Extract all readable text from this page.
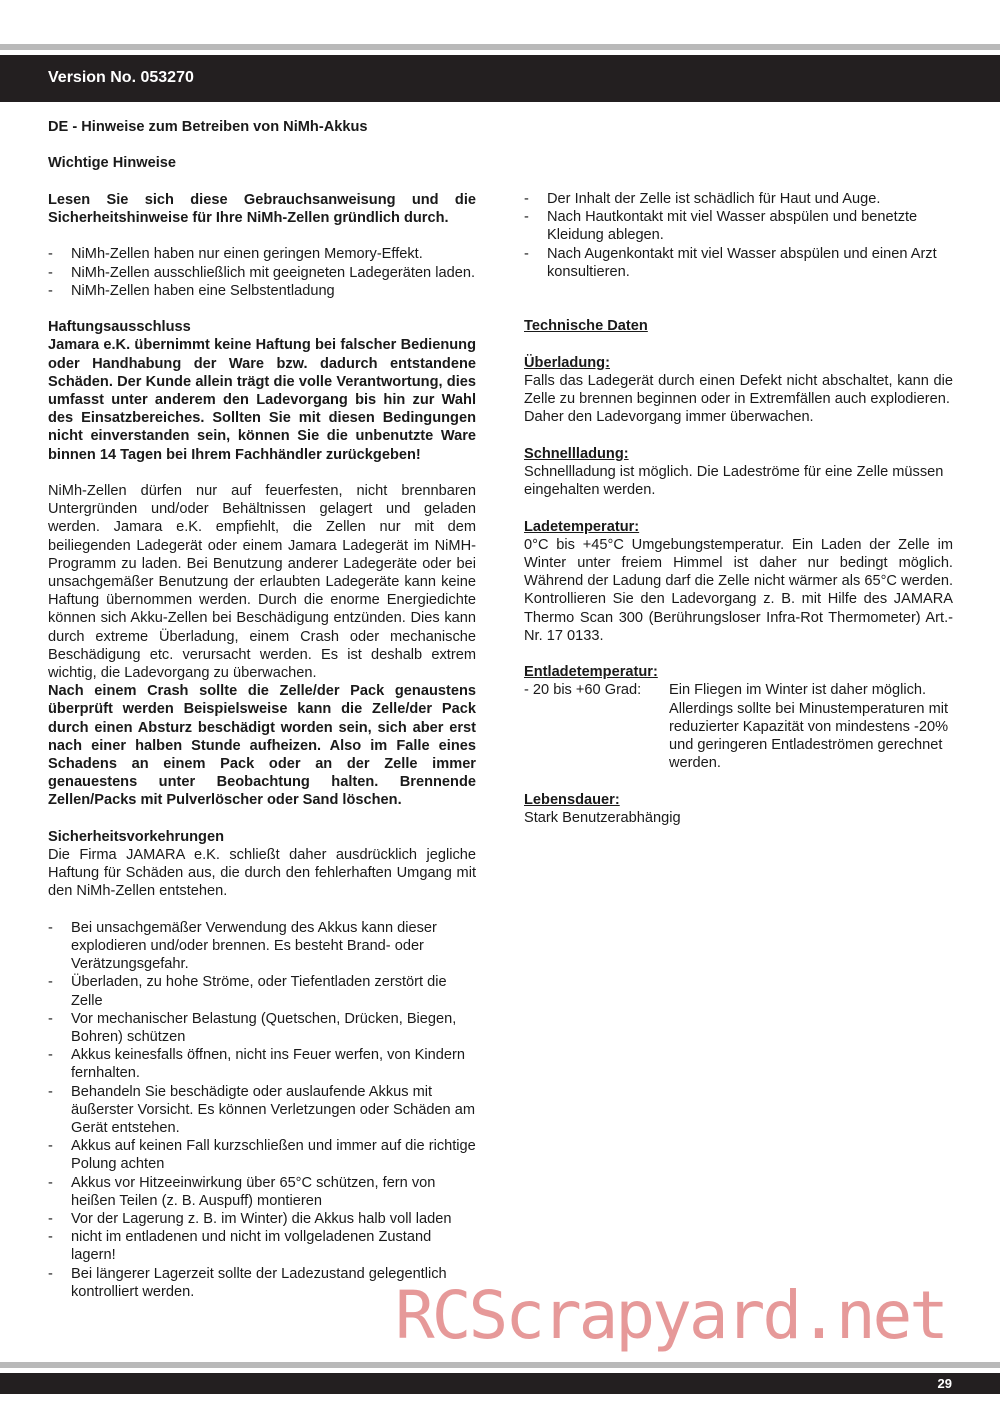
Version No. 053270

DE - Hinweise zum Betreiben von NiMh-Akkus

Wichtige Hinweise

Lesen Sie sich diese Gebrauchsanweisung und die Sicherheitshinweise für Ihre NiMh-Zellen gründlich durch.

- NiMh-Zellen haben nur einen geringen Memory-Effekt.
- NiMh-Zellen ausschließlich mit geeigneten Ladegeräten laden.
- NiMh-Zellen haben eine Selbstentladung

Haftungsausschluss

Jamara e.K. übernimmt keine Haftung bei falscher Bedienung oder Handhabung der Ware bzw. dadurch entstandene Schäden. Der Kunde allein trägt die volle Verantwortung, dies umfasst unter anderem den Ladevorgang bis hin zur Wahl des Einsatzbereiches. Sollten Sie mit diesen Bedingungen nicht einverstanden sein, können Sie die unbenutzte Ware binnen 14 Tagen bei Ihrem Fachhändler zurückgeben!

NiMh-Zellen dürfen nur auf feuerfesten, nicht brennbaren Untergründen und/oder Behältnissen gelagert und geladen werden. Jamara e.K. empfiehlt, die Zellen nur mit dem beiliegenden Ladegerät oder einem Jamara Ladegerät im NiMH-Programm zu laden. Bei Benutzung anderer Ladegeräte oder bei unsachgemäßer Benutzung der erlaubten Ladegeräte kann keine Haftung übernommen werden. Durch die enorme Energiedichte können sich Akku-Zellen bei Beschädigung entzünden. Dies kann durch extreme Überladung, einem Crash oder mechanische Beschädigung etc. verursacht werden. Es ist deshalb extrem wichtig, die Ladevorgang zu überwachen.

Nach einem Crash sollte die Zelle/der Pack genaustens überprüft werden Beispielsweise kann die Zelle/der Pack durch einen Absturz beschädigt worden sein, sich aber erst nach einer halben Stunde aufheizen. Also im Falle eines Schadens an einem Pack oder an der Zelle immer genauestens unter Beobachtung halten. Brennende Zellen/Packs mit Pulverlöscher oder Sand löschen.

Sicherheitsvorkehrungen

Die Firma JAMARA e.K. schließt daher ausdrücklich jegliche Haftung für Schäden aus, die durch den fehlerhaften Umgang mit den NiMh-Zellen entstehen.

- Bei unsachgemäßer Verwendung des Akkus kann dieser explodieren und/oder brennen. Es besteht Brand- oder Verätzungsgefahr.
- Überladen, zu hohe Ströme, oder Tiefentladen zerstört die Zelle
- Vor mechanischer Belastung (Quetschen, Drücken, Biegen, Bohren) schützen
- Akkus keinesfalls öffnen, nicht ins Feuer werfen, von Kindern fernhalten.
- Behandeln Sie beschädigte oder auslaufende Akkus mit äußerster Vorsicht. Es können Verletzungen oder Schäden am Gerät entstehen.
- Akkus auf keinen Fall kurzschließen und immer auf die richtige Polung achten
- Akkus vor Hitzeeinwirkung über 65°C schützen, fern von heißen Teilen (z. B. Auspuff) montieren
- Vor der Lagerung z. B. im Winter) die Akkus halb voll laden
- nicht im entladenen und nicht im vollgeladenen Zustand lagern!
- Bei längerer Lagerzeit sollte der Ladezustand gelegentlich kontrolliert werden.
- Der Inhalt der Zelle ist schädlich für Haut und Auge.
- Nach Hautkontakt mit viel Wasser abspülen und benetzte Kleidung ablegen.
- Nach Augenkontakt mit viel Wasser abspülen und einen Arzt konsultieren.

Technische Daten

Überladung:

Falls das Ladegerät durch einen Defekt nicht abschaltet, kann die Zelle zu brennen beginnen oder in Extremfällen auch explodieren.

Daher den Ladevorgang immer überwachen.

Schnellladung:

Schnellladung ist möglich. Die Ladeströme für eine Zelle müssen eingehalten werden.

Ladetemperatur:

0°C bis +45°C Umgebungstemperatur. Ein Laden der Zelle im Winter unter freiem Himmel ist daher nur bedingt möglich. Während der Ladung darf die Zelle nicht wärmer als 65°C werden. Kontrollieren Sie den Ladevorgang z. B. mit Hilfe des JAMARA Thermo Scan 300 (Berührungsloser Infra-Rot Thermometer) Art.-Nr. 17 0133.

Entladetemperatur:

- 20 bis +60 Grad:	Ein Fliegen im Winter ist daher möglich. Allerdings sollte bei Minustemperaturen mit reduzierter Kapazität von mindestens -20% und geringeren Entladeströmen gerechnet werden.

Lebensdauer:

Stark Benutzerabhängig

RCScrapyard.net
29
